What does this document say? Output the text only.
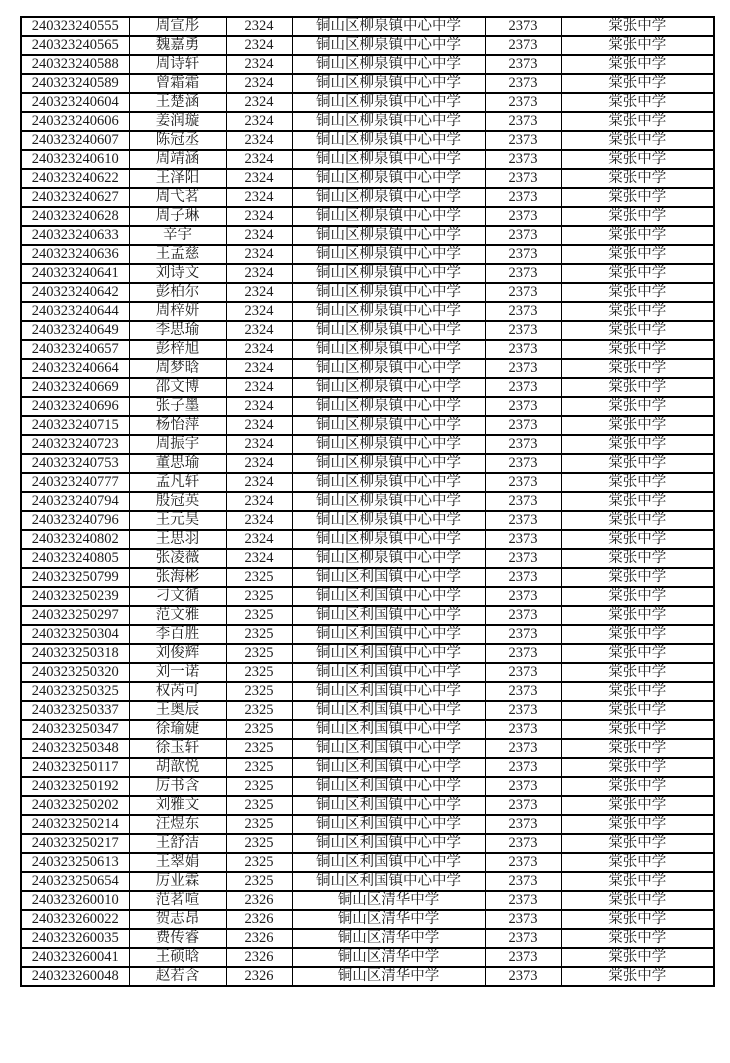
240323240555	周宣彤	2324	铜山区柳泉镇中心中学	2373	棠张中学
240323240565	魏嘉勇	2324	铜山区柳泉镇中心中学	2373	棠张中学
240323240588	周诗轩	2324	铜山区柳泉镇中心中学	2373	棠张中学
240323240589	曾霜霜	2324	铜山区柳泉镇中心中学	2373	棠张中学
240323240604	王楚涵	2324	铜山区柳泉镇中心中学	2373	棠张中学
240323240606	姜润璇	2324	铜山区柳泉镇中心中学	2373	棠张中学
240323240607	陈冠丞	2324	铜山区柳泉镇中心中学	2373	棠张中学
240323240610	周靖涵	2324	铜山区柳泉镇中心中学	2373	棠张中学
240323240622	王泽阳	2324	铜山区柳泉镇中心中学	2373	棠张中学
240323240627	周弋茗	2324	铜山区柳泉镇中心中学	2373	棠张中学
240323240628	周子琳	2324	铜山区柳泉镇中心中学	2373	棠张中学
240323240633	辛宇	2324	铜山区柳泉镇中心中学	2373	棠张中学
240323240636	王孟慈	2324	铜山区柳泉镇中心中学	2373	棠张中学
240323240641	刘诗文	2324	铜山区柳泉镇中心中学	2373	棠张中学
240323240642	彭柏尔	2324	铜山区柳泉镇中心中学	2373	棠张中学
240323240644	周梓妍	2324	铜山区柳泉镇中心中学	2373	棠张中学
240323240649	李思瑜	2324	铜山区柳泉镇中心中学	2373	棠张中学
240323240657	彭梓旭	2324	铜山区柳泉镇中心中学	2373	棠张中学
240323240664	周梦晗	2324	铜山区柳泉镇中心中学	2373	棠张中学
240323240669	邵文博	2324	铜山区柳泉镇中心中学	2373	棠张中学
240323240696	张子墨	2324	铜山区柳泉镇中心中学	2373	棠张中学
240323240715	杨怡萍	2324	铜山区柳泉镇中心中学	2373	棠张中学
240323240723	周振宇	2324	铜山区柳泉镇中心中学	2373	棠张中学
240323240753	董思瑜	2324	铜山区柳泉镇中心中学	2373	棠张中学
240323240777	孟凡轩	2324	铜山区柳泉镇中心中学	2373	棠张中学
240323240794	殷冠英	2324	铜山区柳泉镇中心中学	2373	棠张中学
240323240796	王元昊	2324	铜山区柳泉镇中心中学	2373	棠张中学
240323240802	王思羽	2324	铜山区柳泉镇中心中学	2373	棠张中学
240323240805	张凌薇	2324	铜山区柳泉镇中心中学	2373	棠张中学
240323250799	张海彬	2325	铜山区利国镇中心中学	2373	棠张中学
240323250239	刁文循	2325	铜山区利国镇中心中学	2373	棠张中学
240323250297	范文雅	2325	铜山区利国镇中心中学	2373	棠张中学
240323250304	李百胜	2325	铜山区利国镇中心中学	2373	棠张中学
240323250318	刘俊辉	2325	铜山区利国镇中心中学	2373	棠张中学
240323250320	刘一诺	2325	铜山区利国镇中心中学	2373	棠张中学
240323250325	权芮可	2325	铜山区利国镇中心中学	2373	棠张中学
240323250337	王奥辰	2325	铜山区利国镇中心中学	2373	棠张中学
240323250347	徐瑜婕	2325	铜山区利国镇中心中学	2373	棠张中学
240323250348	徐玉轩	2325	铜山区利国镇中心中学	2373	棠张中学
240323250117	胡歆悦	2325	铜山区利国镇中心中学	2373	棠张中学
240323250192	厉书含	2325	铜山区利国镇中心中学	2373	棠张中学
240323250202	刘雅文	2325	铜山区利国镇中心中学	2373	棠张中学
240323250214	汪煜东	2325	铜山区利国镇中心中学	2373	棠张中学
240323250217	王舒洁	2325	铜山区利国镇中心中学	2373	棠张中学
240323250613	王翠娟	2325	铜山区利国镇中心中学	2373	棠张中学
240323250654	厉业霖	2325	铜山区利国镇中心中学	2373	棠张中学
240323260010	范茗喧	2326	铜山区清华中学	2373	棠张中学
240323260022	贺志昂	2326	铜山区清华中学	2373	棠张中学
240323260035	费传睿	2326	铜山区清华中学	2373	棠张中学
240323260041	王硕晗	2326	铜山区清华中学	2373	棠张中学
240323260048	赵若含	2326	铜山区清华中学	2373	棠张中学
